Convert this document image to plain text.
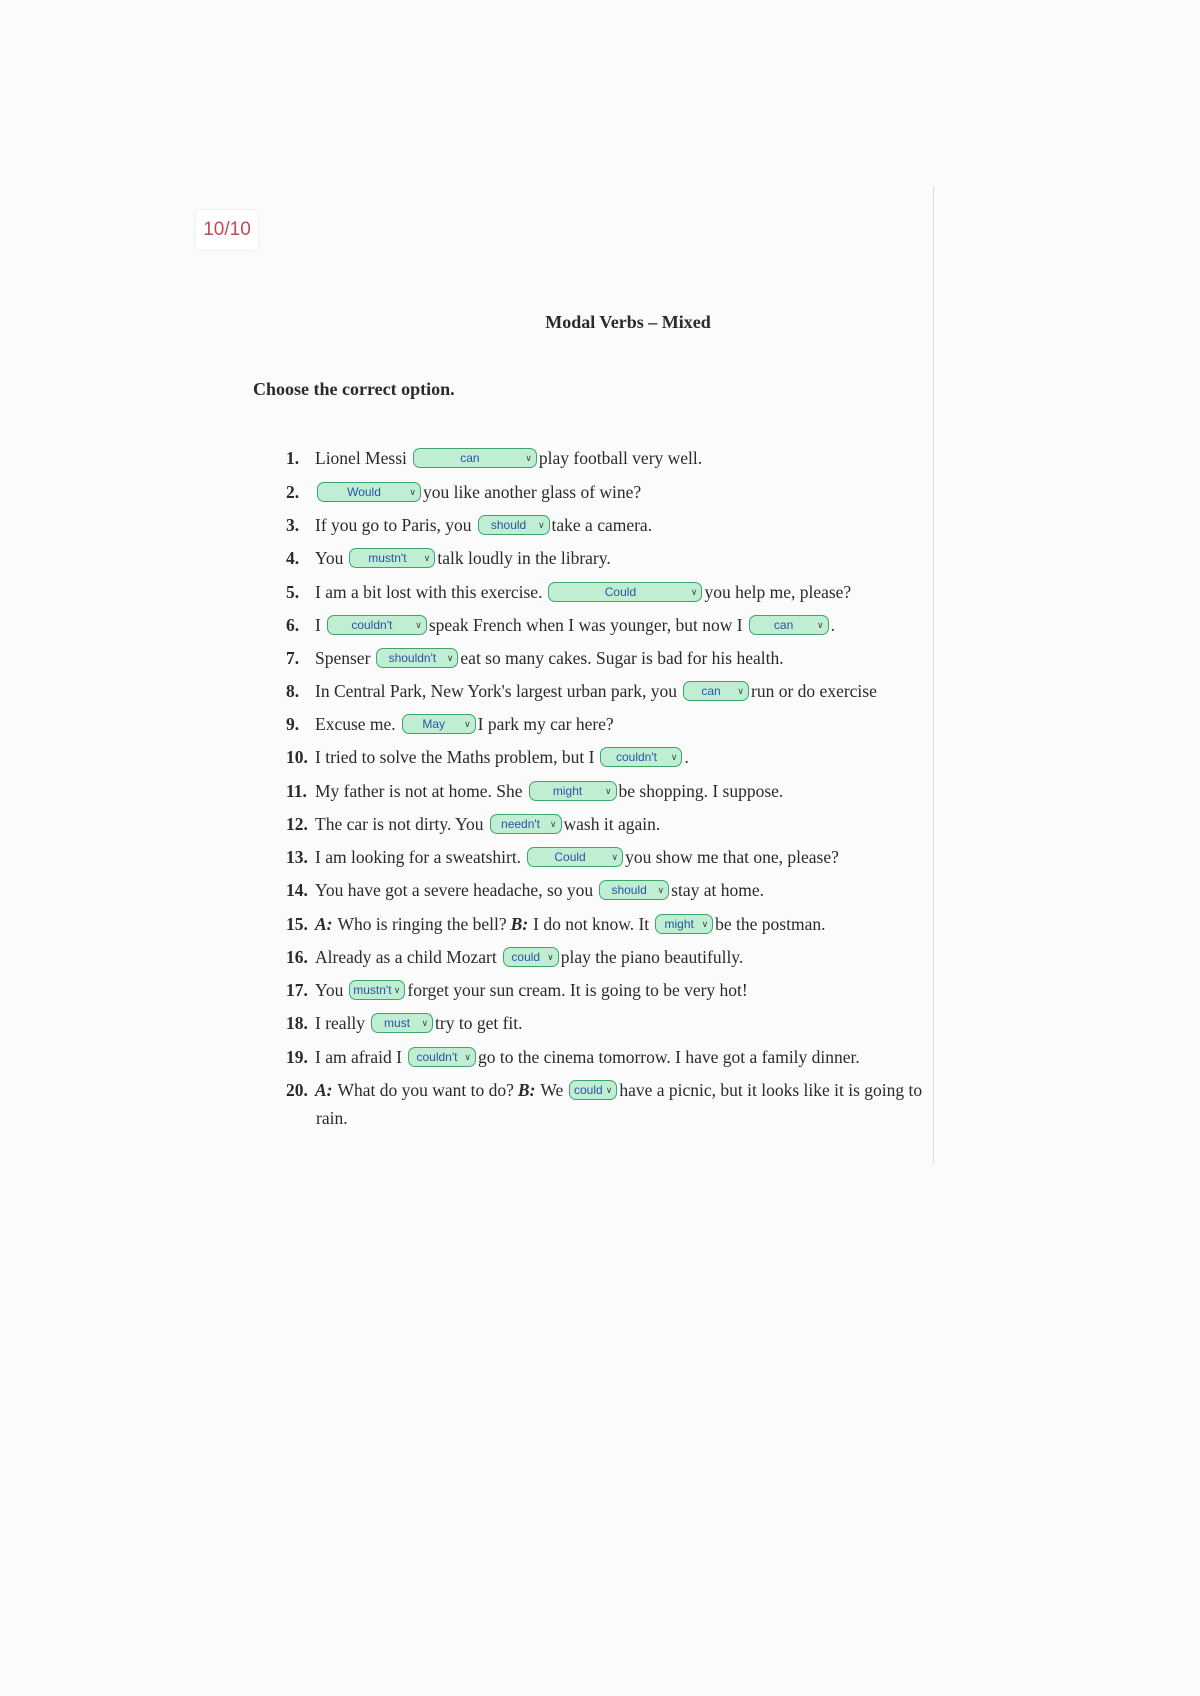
10/10
Modal Verbs – Mixed
Choose the correct option.
1. Lionel Messi	can	∨ play football very well.
2.	Would	∨ you like another glass of wine?
3. If you go to Paris, you	should ∨ take a camera.
4. You	mustn't ∨ talk loudly in the library.
5. I am a bit lost with this exercise.	Could	∨ you help me, please?
6. I	couldn't	∨ speak French when I was younger, but now I	can	∨ .
7. Spenser	shouldn't ∨ eat so many cakes. Sugar is bad for his health.
8. In Central Park, New York's largest urban park, you	can ∨ run or do exercise
9. Excuse me.	May ∨ I park my car here?
10. I tried to solve the Maths problem, but I	couldn't ∨ .
11. My father is not at home. She	might	∨ be shopping. I suppose.
12. The car is not dirty. You	needn't ∨ wash it again.
13. I am looking for a sweatshirt.	Could	∨ you show me that one, please?
14. You have got a severe headache, so you	should ∨ stay at home.
15. A: Who is ringing the bell? B: I do not know. It	might ∨ be the postman.
16. Already as a child Mozart	could ∨ play the piano beautifully.
17. You mustn't ∨ forget your sun cream. It is going to be very hot!
18. I really	must ∨ try to get fit.
19. I am afraid I	couldn't ∨ go to the cinema tomorrow. I have got a family dinner.
20. A: What do you want to do? B: We could ∨ have a picnic, but it looks like it is going to
rain.
